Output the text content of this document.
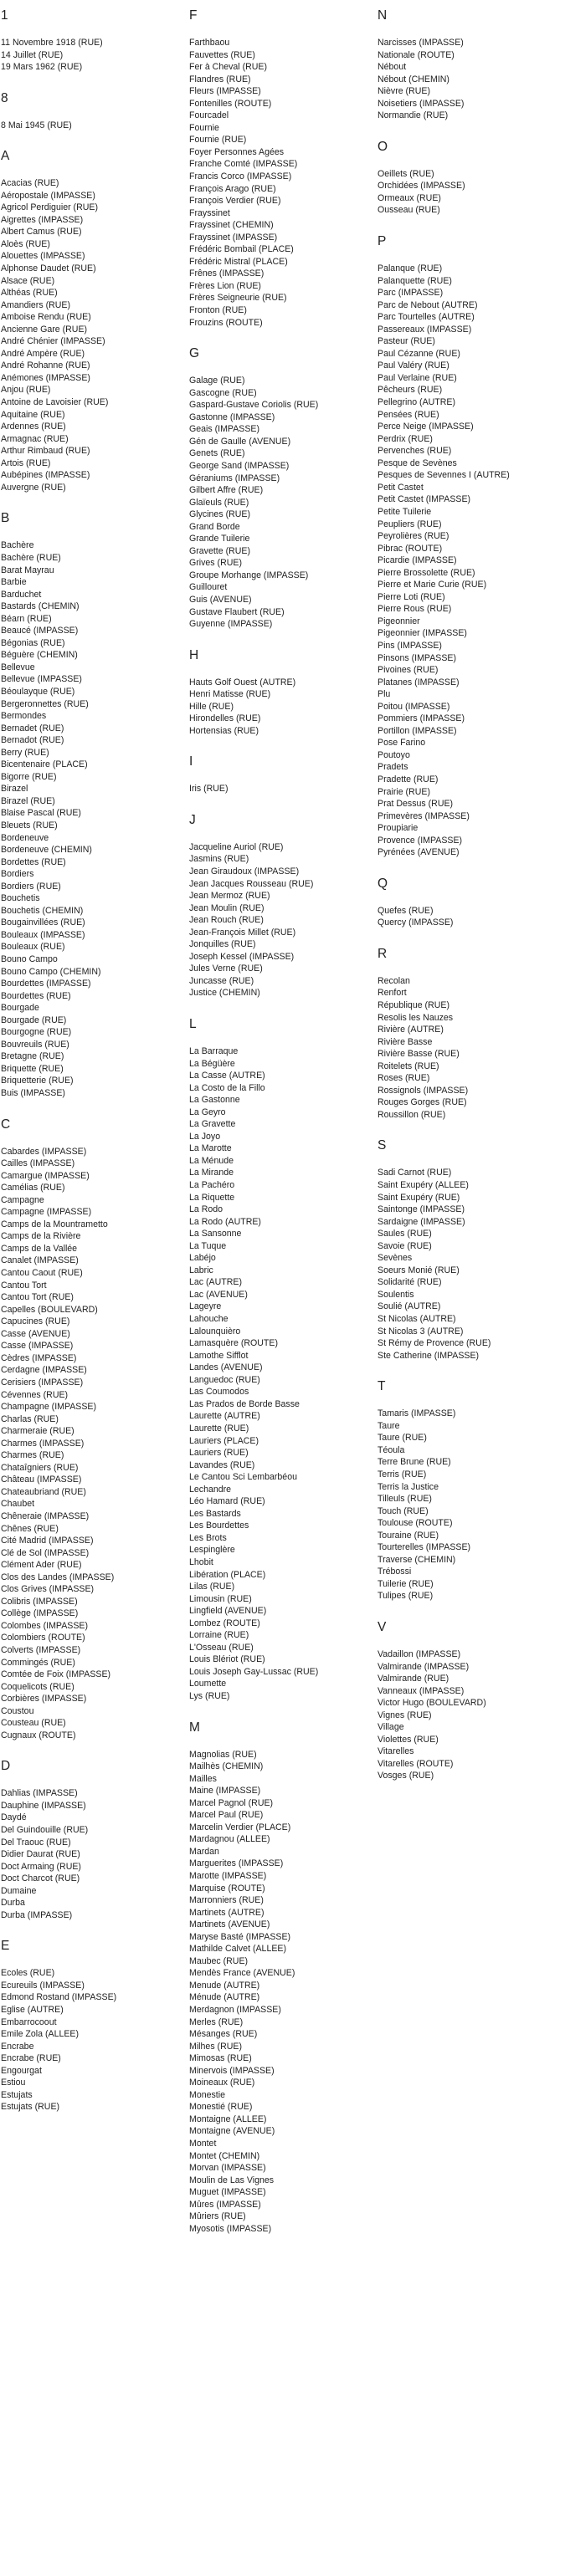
1
11 Novembre 1918 (RUE)
14 Juillet (RUE)
19 Mars 1962 (RUE)
8
8 Mai 1945 (RUE)
A
Acacias (RUE)
Aéropostale (IMPASSE)
Agricol Perdiguier (RUE)
Aigrettes (IMPASSE)
Albert Camus (RUE)
Aloès (RUE)
Alouettes (IMPASSE)
Alphonse Daudet (RUE)
Alsace (RUE)
Althéas (RUE)
Amandiers (RUE)
Amboise Rendu (RUE)
Ancienne Gare (RUE)
André Chénier (IMPASSE)
André Ampère (RUE)
André Rohanne (RUE)
Anémones (IMPASSE)
Anjou (RUE)
Antoine de Lavoisier (RUE)
Aquitaine (RUE)
Ardennes (RUE)
Armagnac (RUE)
Arthur Rimbaud (RUE)
Artois (RUE)
Aubépines (IMPASSE)
Auvergne (RUE)
B
Bachère
Bachère (RUE)
Barat Mayrau
Barbie
Barduchet
Bastards (CHEMIN)
Béarn (RUE)
Beaucé (IMPASSE)
Bégonias (RUE)
Béguère (CHEMIN)
Bellevue
Bellevue (IMPASSE)
Béoulayque (RUE)
Bergeronnettes (RUE)
Bermondes
Bernadet (RUE)
Bernadot (RUE)
Berry (RUE)
Bicentenaire (PLACE)
Bigorre (RUE)
Birazel
Birazel (RUE)
Blaise Pascal (RUE)
Bleuets (RUE)
Bordeneuve
Bordeneuve (CHEMIN)
Bordettes (RUE)
Bordiers
Bordiers (RUE)
Bouchetis
Bouchetis (CHEMIN)
Bougainvillées (RUE)
Bouleaux (IMPASSE)
Bouleaux (RUE)
Bouno Campo
Bouno Campo (CHEMIN)
Bourdettes (IMPASSE)
Bourdettes (RUE)
Bourgade
Bourgade (RUE)
Bourgogne (RUE)
Bouvreuils (RUE)
Bretagne (RUE)
Briquette (RUE)
Briquetterie (RUE)
Buis (IMPASSE)
C
Cabardes (IMPASSE)
Cailles (IMPASSE)
Camargue (IMPASSE)
Camélias (RUE)
Campagne
Campagne (IMPASSE)
Camps de la Mountrametto
Camps de la Rivière
Camps de la Vallée
Canalet (IMPASSE)
Cantou Caout (RUE)
Cantou Tort
Cantou Tort (RUE)
Capelles (BOULEVARD)
Capucines (RUE)
Casse (AVENUE)
Casse (IMPASSE)
Cèdres (IMPASSE)
Cerdagne (IMPASSE)
Cerisiers (IMPASSE)
Cévennes (RUE)
Champagne (IMPASSE)
Charlas (RUE)
Charmeraie (RUE)
Charmes (IMPASSE)
Charmes (RUE)
Chataîgniers (RUE)
Château (IMPASSE)
Chateaubriand (RUE)
Chaubet
Chêneraie (IMPASSE)
Chênes (RUE)
Cité Madrid (IMPASSE)
Clé de Sol (IMPASSE)
Clément Ader (RUE)
Clos des Landes (IMPASSE)
Clos Grives (IMPASSE)
Colibris (IMPASSE)
Collège (IMPASSE)
Colombes (IMPASSE)
Colombiers (ROUTE)
Colverts (IMPASSE)
Commingés (RUE)
Comtée de Foix (IMPASSE)
Coquelicots (RUE)
Corbières (IMPASSE)
Coustou
Cousteau (RUE)
Cugnaux (ROUTE)
D
Dahlias (IMPASSE)
Dauphine (IMPASSE)
Daydé
Del Guindouille (RUE)
Del Traouc (RUE)
Didier Daurat (RUE)
Doct Armaing (RUE)
Doct Charcot (RUE)
Dumaine
Durba
Durba (IMPASSE)
E
Ecoles (RUE)
Ecureuils (IMPASSE)
Edmond Rostand (IMPASSE)
Eglise (AUTRE)
Embarrocoout
Emile Zola (ALLEE)
Encrabe
Encrabe (RUE)
Engourgat
Estiou
Estujats
Estujats (RUE)
F
Farthbaou
Fauvettes (RUE)
Fer à Cheval (RUE)
Flandres (RUE)
Fleurs (IMPASSE)
Fontenilles (ROUTE)
Fourcadel
Fournie
Fournie (RUE)
Foyer Personnes Agées
Franche Comté (IMPASSE)
Francis Corco (IMPASSE)
François Arago (RUE)
François Verdier (RUE)
Frayssinet
Frayssinet (CHEMIN)
Frayssinet (IMPASSE)
Frédéric Bombail (PLACE)
Frédéric Mistral (PLACE)
Frênes (IMPASSE)
Frères Lion (RUE)
Frères Seigneurie (RUE)
Fronton (RUE)
Frouzins (ROUTE)
G
Galage (RUE)
Gascogne (RUE)
Gaspard-Gustave Coriolis (RUE)
Gastonne (IMPASSE)
Geais (IMPASSE)
Gén de Gaulle (AVENUE)
Genets (RUE)
George Sand (IMPASSE)
Géraniums (IMPASSE)
Gilbert Affre (RUE)
Glaïeuls (RUE)
Glycines (RUE)
Grand Borde
Grande Tuilerie
Gravette (RUE)
Grives (RUE)
Groupe Morhange (IMPASSE)
Guillouret
Guis (AVENUE)
Gustave Flaubert (RUE)
Guyenne (IMPASSE)
H
Hauts Golf Ouest (AUTRE)
Henri Matisse (RUE)
Hille (RUE)
Hirondelles (RUE)
Hortensias (RUE)
I
Iris (RUE)
J
Jacqueline Auriol (RUE)
Jasmins (RUE)
Jean Giraudoux (IMPASSE)
Jean Jacques Rousseau (RUE)
Jean Mermoz (RUE)
Jean Moulin (RUE)
Jean Rouch (RUE)
Jean-François Millet (RUE)
Jonquilles (RUE)
Joseph Kessel (IMPASSE)
Jules Verne (RUE)
Juncasse (RUE)
Justice (CHEMIN)
L
La Barraque
La Bégüère
La Casse (AUTRE)
La Costo de la Fillo
La Gastonne
La Geyro
La Gravette
La Joyo
La Marotte
La Ménude
La Mirande
La Pachéro
La Riquette
La Rodo
La Rodo (AUTRE)
La Sansonne
La Tuque
Labéjo
Labric
Lac (AUTRE)
Lac (AVENUE)
Lageyre
Lahouche
Lalounquièro
Lamasquère (ROUTE)
Lamothe Sifflot
Landes (AVENUE)
Languedoc (RUE)
Las Coumodos
Las Prados de Borde Basse
Laurette (AUTRE)
Laurette (RUE)
Lauriers (PLACE)
Lauriers (RUE)
Lavandes (RUE)
Le Cantou Sci Lembarbéou
Lechandre
Léo Hamard (RUE)
Les Bastards
Les Bourdettes
Les Brots
Lespinglère
Lhobit
Libération (PLACE)
Lilas (RUE)
Limousin (RUE)
Lingfield (AVENUE)
Lombez (ROUTE)
Lorraine (RUE)
L'Osseau (RUE)
Louis Blériot (RUE)
Louis Joseph Gay-Lussac (RUE)
Loumette
Lys (RUE)
M
Magnolias (RUE)
Mailhès (CHEMIN)
Mailles
Maine (IMPASSE)
Marcel Pagnol (RUE)
Marcel Paul (RUE)
Marcelin Verdier (PLACE)
Mardagnou (ALLEE)
Mardan
Marguerites (IMPASSE)
Marotte (IMPASSE)
Marquise (ROUTE)
Marronniers (RUE)
Martinets (AUTRE)
Martinets (AVENUE)
Maryse Basté (IMPASSE)
Mathilde Calvet (ALLEE)
Maubec (RUE)
Mendès France (AVENUE)
Menude (AUTRE)
Ménude (AUTRE)
Merdagnon (IMPASSE)
Merles (RUE)
Mésanges (RUE)
Milhes (RUE)
Mimosas (RUE)
Minervois (IMPASSE)
Moineaux (RUE)
Monestie
Monestié (RUE)
Montaigne (ALLEE)
Montaigne (AVENUE)
Montet
Montet (CHEMIN)
Morvan (IMPASSE)
Moulin de Las Vignes
Muguet (IMPASSE)
Mûres (IMPASSE)
Mûriers (RUE)
Myosotis (IMPASSE)
N
Narcisses (IMPASSE)
Nationale (ROUTE)
Nébout
Nébout (CHEMIN)
Nièvre (RUE)
Noisetiers (IMPASSE)
Normandie (RUE)
O
Oeillets (RUE)
Orchidées (IMPASSE)
Ormeaux (RUE)
Ousseau (RUE)
P
Palanque (RUE)
Palanquette (RUE)
Parc (IMPASSE)
Parc de Nebout (AUTRE)
Parc Tourtelles (AUTRE)
Passereaux (IMPASSE)
Pasteur (RUE)
Paul Cézanne (RUE)
Paul Valéry (RUE)
Paul Verlaine (RUE)
Pêcheurs (RUE)
Pellegrino (AUTRE)
Pensées (RUE)
Perce Neige (IMPASSE)
Perdrix (RUE)
Pervenches (RUE)
Pesque de Sevènes
Pesques de Sevennes I (AUTRE)
Petit Castet
Petit Castet (IMPASSE)
Petite Tuilerie
Peupliers (RUE)
Peyrolières (RUE)
Pibrac (ROUTE)
Picardie (IMPASSE)
Pierre Brossolette (RUE)
Pierre et Marie Curie (RUE)
Pierre Loti (RUE)
Pierre Rous (RUE)
Pigeonnier
Pigeonnier (IMPASSE)
Pins (IMPASSE)
Pinsons (IMPASSE)
Pivoines (RUE)
Platanes (IMPASSE)
Plu
Poitou (IMPASSE)
Pommiers (IMPASSE)
Portillon (IMPASSE)
Pose Farino
Poutoyo
Pradets
Pradette (RUE)
Prairie (RUE)
Prat Dessus (RUE)
Primevères (IMPASSE)
Proupiarie
Provence (IMPASSE)
Pyrénées (AVENUE)
Q
Quefes (RUE)
Quercy (IMPASSE)
R
Recolan
Renfort
République (RUE)
Resolis les Nauzes
Rivière (AUTRE)
Rivière Basse
Rivière Basse (RUE)
Roitelets (RUE)
Roses (RUE)
Rossignols (IMPASSE)
Rouges Gorges (RUE)
Roussillon (RUE)
S
Sadi Carnot (RUE)
Saint Exupéry (ALLEE)
Saint Exupéry (RUE)
Saintonge (IMPASSE)
Sardaigne (IMPASSE)
Saules (RUE)
Savoie (RUE)
Sevènes
Soeurs Monié (RUE)
Solidarité (RUE)
Soulentis
Soulié (AUTRE)
St Nicolas (AUTRE)
St Nicolas 3 (AUTRE)
St Rémy de Provence (RUE)
Ste Catherine (IMPASSE)
T
Tamaris (IMPASSE)
Taure
Taure (RUE)
Téoula
Terre Brune (RUE)
Terris (RUE)
Terris la Justice
Tilleuls (RUE)
Touch (RUE)
Toulouse (ROUTE)
Touraine (RUE)
Tourterelles (IMPASSE)
Traverse (CHEMIN)
Trébossi
Tuilerie (RUE)
Tulipes (RUE)
V
Vadaillon (IMPASSE)
Valmirande (IMPASSE)
Valmirande (RUE)
Vanneaux (IMPASSE)
Victor Hugo (BOULEVARD)
Vignes (RUE)
Village
Violettes (RUE)
Vitarelles
Vitarelles (ROUTE)
Vosges (RUE)
